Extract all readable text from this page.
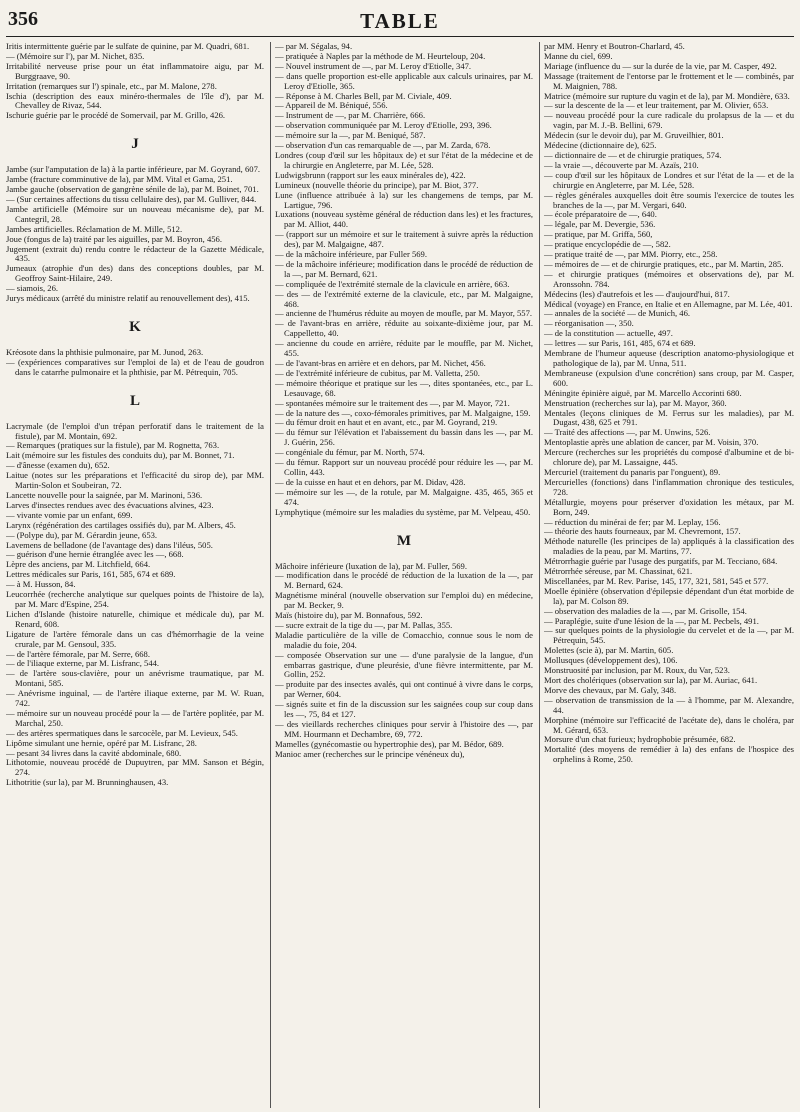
356	TABLE

Iritis intermittente guérie par le sulfate de quinine, par M. Quadri, 681.

— (Mémoire sur l'), par M. Nichet, 835.

Irritabilité nerveuse prise pour un état inflammatoire aigu, par M. Burggraave, 90.

Irritation (remarques sur l') spinale, etc., par M. Malone, 278.

Ischia (description des eaux minéro-thermales de l'île d'), par M. Chevalley de Rivaz, 544.

Ischurie guérie par le procédé de Somervail, par M. Grillo, 426.

J

Jambe (sur l'amputation de la) à la partie inférieure, par M. Goyrand, 607.

Jambe (fracture comminutive de la), par MM. Vital et Gama, 251.

Jambe gauche (observation de gangrène sénile de la), par M. Boinet, 701.

— (Sur certaines affections du tissu cellulaire des), par M. Gulliver, 844.

Jambe artificielle (Mémoire sur un nouveau mécanisme de), par M. Cantegril, 28.

Jambes artificielles. Réclamation de M. Mille, 512.

Joue (fongus de la) traité par les aiguilles, par M. Boyron, 456.

Jugement (extrait du) rendu contre le rédacteur de la Gazette Médicale, 435.

Jumeaux (atrophie d'un des) dans des conceptions doubles, par M. Geoffroy Saint-Hilaire, 249.

— siamois, 26.

Jurys médicaux (arrêté du ministre relatif au renouvellement des), 415.

K

Kréosote dans la phthisie pulmonaire, par M. Junod, 263.

— (expériences comparatives sur l'emploi de la) et de l'eau de goudron dans le catarrhe pulmonaire et la phthisie, par M. Pétrequin, 705.

L

Lacrymale (de l'emploi d'un trépan perforatif dans le traitement de la fistule), par M. Montain, 692.

— Remarques (pratiques sur la fistule), par M. Rognetta, 763.

Lait (mémoire sur les fistules des conduits du), par M. Bonnet, 71.

— d'ânesse (examen du), 652.

Laitue (notes sur les préparations et l'efficacité du sirop de), par MM. Martin-Solon et Soubeiran, 72.

Lancette nouvelle pour la saignée, par M. Marinoni, 536.

Larves d'insectes rendues avec des évacuations alvines, 423.

— vivante vomie par un enfant, 699.

Larynx (régénération des cartilages ossifiés du), par M. Albers, 45.

— (Polype du), par M. Gérardin jeune, 653.

Lavemens de belladone (de l'avantage des) dans l'iléus, 505.

— guérison d'une hernie étranglée avec les —, 668.

Lèpre des anciens, par M. Litchfield, 664.

Lettres médicales sur Paris, 161, 585, 674 et 689.

— à M. Husson, 84.

Leucorrhée (recherche analytique sur quelques points de l'histoire de la), par M. Marc d'Espine, 254.

Lichen d'Islande (histoire naturelle, chimique et médicale du), par M. Renard, 608.

Ligature de l'artère fémorale dans un cas d'hémorrhagie de la veine crurale, par M. Gensoul, 335.

— de l'artère fémorale, par M. Serre, 668.

— de l'iliaque externe, par M. Lisfranc, 544.

— de l'artère sous-clavière, pour un anévrisme traumatique, par M. Montani, 585.

— Anévrisme inguinal, — de l'artère iliaque externe, par M. W. Ruan, 742.

— mémoire sur un nouveau procédé pour la — de l'artère poplitée, par M. Marchal, 250.

— des artères spermatiques dans le sarcocèle, par M. Levieux, 545.

Lipôme simulant une hernie, opéré par M. Lisfranc, 28.

— pesant 34 livres dans la cavité abdominale, 680.

Lithotomie, nouveau procédé de Dupuytren, par MM. Sanson et Bégin, 274.

Lithotritie (sur la), par M. Brunninghausen, 43.

— par M. Ségalas, 94.

— pratiquée à Naples par la méthode de M. Heurteloup, 204.

— Nouvel instrument de —, par M. Leroy d'Etiolle, 347.

— dans quelle proportion est-elle applicable aux calculs urinaires, par M. Leroy d'Etiolle, 365.

— Réponse à M. Charles Bell, par M. Civiale, 409.

— Appareil de M. Béniqué, 556.

— Instrument de —, par M. Charrière, 666.

— observation communiquée par M. Leroy d'Etiolle, 293, 396.

— mémoire sur la —, par M. Beniqué, 587.

— observation d'un cas remarquable de —, par M. Zarda, 678.

Londres (coup d'œil sur les hôpitaux de) et sur l'état de la médecine et de la chirurgie en Angleterre, par M. Lée, 528.

Ludwigsbrunn (rapport sur les eaux minérales de), 422.

Lumineux (nouvelle théorie du principe), par M. Biot, 377.

Lune (influence attribuée à la) sur les changemens de temps, par M. Lartigue, 796.

Luxations (nouveau système général de réduction dans les) et les fractures, par M. Alliot, 440.

— (rapport sur un mémoire et sur le traitement à suivre après la réduction des), par M. Malgaigne, 487.

— de la mâchoire inférieure, par Fuller 569.

— de la mâchoire inférieure; modification dans le procédé de réduction de la —, par M. Bernard, 621.

— compliquée de l'extrémité sternale de la clavicule en arrière, 663.

— des — de l'extrémité externe de la clavicule, etc., par M. Malgaigne, 468.

— ancienne de l'humérus réduite au moyen de moufle, par M. Mayor, 557.

— de l'avant-bras en arrière, réduite au soixante-dixième jour, par M. Cappelletto, 40.

— ancienne du coude en arrière, réduite par le mouffle, par M. Nichet, 455.

— de l'avant-bras en arrière et en dehors, par M. Nichet, 456.

— de l'extrémité inférieure de cubitus, par M. Valletta, 250.

— mémoire théorique et pratique sur les —, dites spontanées, etc., par L. Lesauvage, 68.

— spontanées mémoire sur le traitement des —, par M. Mayor, 721.

— de la nature des —, coxo-fémorales primitives, par M. Malgaigne, 159.

— du fémur droit en haut et en avant, etc., par M. Goyrand, 219.

— du fémur sur l'élévation et l'abaissement du bassin dans les —, par M. J. Guérin, 256.

— congéniale du fémur, par M. North, 574.

— du fémur. Rapport sur un nouveau procédé pour réduire les —, par M. Collin, 443.

— de la cuisse en haut et en dehors, par M. Didav, 428.

— mémoire sur les —, de la rotule, par M. Malgaigne. 435, 465, 365 et 474.

Lymphytique (mémoire sur les maladies du système, par M. Velpeau, 450.

M

Mâchoire inférieure (luxation de la), par M. Fuller, 569.

— modification dans le procédé de réduction de la luxation de la —, par M. Bernard, 624.

Magnétisme minéral (nouvelle observation sur l'emploi du) en médecine, par M. Becker, 9.

Maïs (histoire du), par M. Bonnafous, 592.

— sucre extrait de la tige du —, par M. Pallas, 355.

Maladie particulière de la ville de Comacchio, connue sous le nom de maladie du foie, 204.

— composée Observation sur une — d'une paralysie de la langue, d'un embarras gastrique, d'une pleurésie, d'une fièvre intermittente, par M. Gollin, 252.

— produite par des insectes avalés, qui ont continué à vivre dans le corps, par Werner, 604.

— signés suite et fin de la discussion sur les saignées coup sur coup dans les —, 75, 84 et 127.

— des vieillards recherches cliniques pour servir à l'histoire des —, par MM. Hourmann et Dechambre, 69, 772.

Mamelles (gynécomastie ou hypertrophie des), par M. Bédor, 689.

Manioc amer (recherches sur le principe vénéneux du),

par MM. Henry et Boutron-Charlard, 45.

Manne du ciel, 699.

Mariage (influence du — sur la durée de la vie, par M. Casper, 492.

Massage (traitement de l'entorse par le frottement et le — combinés, par M. Maignien, 788.

Matrice (mémoire sur rupture du vagin et de la), par M. Mondière, 633.

— sur la descente de la — et leur traitement, par M. Olivier, 653.

— nouveau procédé pour la cure radicale du prolapsus de la — et du vagin, par M. J.-B. Bellini, 679.

Médecin (sur le devoir du), par M. Gruveilhier, 801.

Médecine (dictionnaire de), 625.

— dictionnaire de — et de chirurgie pratiques, 574.

— la vraie —, découverte par M. Azaïs, 210.

— coup d'œil sur les hôpitaux de Londres et sur l'état de la — et de la chirurgie en Angleterre, par M. Lée, 528.

— règles générales auxquelles doit être soumis l'exercice de toutes les branches de la —, par M. Vergari, 640.

— école préparatoire de —, 640.

— légale, par M. Devergie, 536.

— pratique, par M. Griffa, 560,

— pratique encyclopédie de —, 582.

— pratique traité de —, par MM. Piorry, etc., 258.

— mémoires de — et de chirurgie pratiques, etc., par M. Martin, 285.

— et chirurgie pratiques (mémoires et observations de), par M. Aronssohn. 784.

Médecins (les) d'autrefois et les — d'aujourd'hui, 817.

Médical (voyage) en France, en Italie et en Allemagne, par M. Lée, 401.

— annales de la société — de Munich, 46.

— réorganisation —, 350.

— de la constitution — actuelle, 497.

— lettres — sur Paris, 161, 485, 674 et 689.

Membrane de l'humeur aqueuse (description anatomo-physiologique et pathologique de la), par M. Unna, 511.

Membraneuse (expulsion d'une concrétion) sans croup, par M. Casper, 600.

Méningite épinière aiguë, par M. Marcello Accorinti 680.

Menstruation (recherches sur la), par M. Mayor, 360.

Mentales (leçons cliniques de M. Ferrus sur les maladies), par M. Dugast, 438, 625 et 791.

— Traité des affections —, par M. Unwins, 526.

Mentoplastie après une ablation de cancer, par M. Voisin, 370.

Mercure (recherches sur les propriétés du composé d'albumine et de bi-chlorure de), par M. Lassaigne, 445.

Mercuriel (traitement du panaris par l'onguent), 89.

Mercurielles (fonctions) dans l'inflammation chronique des testicules, 728.

Métallurgie, moyens pour préserver d'oxidation les métaux, par M. Born, 249.

— réduction du minérai de fer; par M. Leplay, 156.

— théorie des hauts fourneaux, par M. Chevremont, 157.

Méthode naturelle (les principes de la) appliqués à la classification des maladies de la peau, par M. Martins, 77.

Métrorrhagie guérie par l'usage des purgatifs, par M. Tecciano, 684.

Métrorrhée séreuse, par M. Chassinat, 621.

Miscellanées, par M. Rev. Parise, 145, 177, 321, 581, 545 et 577.

Moelle épinière (observation d'épilepsie dépendant d'un état morbide de la), par M. Colson 89.

— observation des maladies de la —, par M. Grisolle, 154.

— Paraplégie, suite d'une lésion de la —, par M. Pecbels, 491.

— sur quelques points de la physiologie du cervelet et de la —, par M. Pétrequin, 545.

Molettes (scie à), par M. Martin, 605.

Mollusques (développement des), 106.

Monstruosité par inclusion, par M. Roux, du Var, 523.

Mort des cholériques (observation sur la), par M. Auriac, 641.

Morve des chevaux, par M. Galy, 348.

— observation de transmission de la — à l'homme, par M. Alexandre, 44.

Morphine (mémoire sur l'efficacité de l'acétate de), dans le choléra, par M. Gérard, 653.

Morsure d'un chat furieux; hydrophobie présumée, 682.

Mortalité (des moyens de remédier à la) des enfans de l'hospice des orphelins à Rome, 250.
